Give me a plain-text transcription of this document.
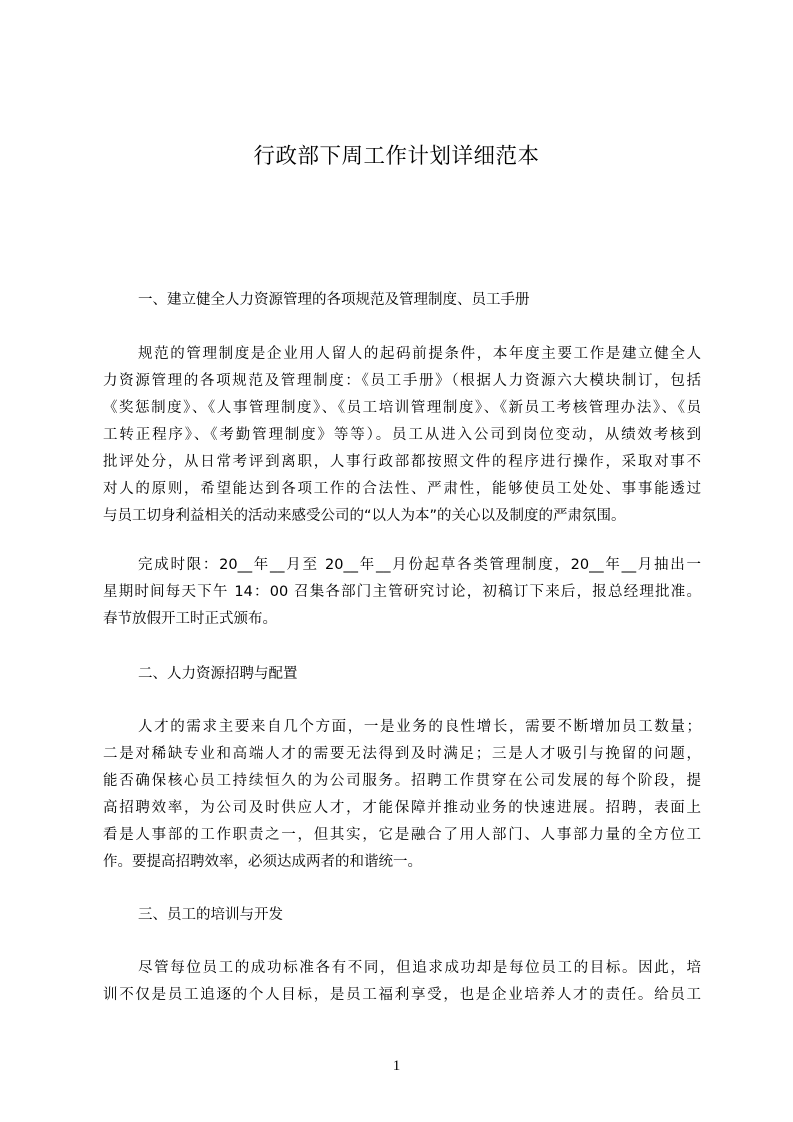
行政部下周工作计划详细范本
一、建立健全人力资源管理的各项规范及管理制度、员工手册

规范的管理制度是企业用人留人的起码前提条件，本年度主要工作是建立健全人
力资源管理的各项规范及管理制度：《员工手册》（根据人力资源六大模块制订，包括
《奖惩制度》、《人事管理制度》、《员工培训管理制度》、《新员工考核管理办法》、《员
工转正程序》、《考勤管理制度》等等）。员工从进入公司到岗位变动，从绩效考核到
批评处分，从日常考评到离职，人事行政部都按照文件的程序进行操作，采取对事不
对人的原则，希望能达到各项工作的合法性、严肃性，能够使员工处处、事事能透过
与员工切身利益相关的活动来感受公司的“以人为本”的关心以及制度的严肃氛围。

完成时限：20__年__月至 20__年__月份起草各类管理制度，20__年__月抽出一
星期时间每天下午 14：00 召集各部门主管研究讨论，初稿订下来后，报总经理批准。
春节放假开工时正式颁布。

二、人力资源招聘与配置

人才的需求主要来自几个方面，一是业务的良性增长，需要不断增加员工数量；
二是对稀缺专业和高端人才的需要无法得到及时满足；三是人才吸引与挽留的问题，
能否确保核心员工持续恒久的为公司服务。招聘工作贯穿在公司发展的每个阶段，提
高招聘效率，为公司及时供应人才，才能保障并推动业务的快速进展。招聘，表面上
看是人事部的工作职责之一，但其实，它是融合了用人部门、人事部力量的全方位工
作。要提高招聘效率，必须达成两者的和谐统一。

三、员工的培训与开发

尽管每位员工的成功标准各有不同，但追求成功却是每位员工的目标。因此，培
训不仅是员工追逐的个人目标，是员工福利享受，也是企业培养人才的责任。给员工

1
